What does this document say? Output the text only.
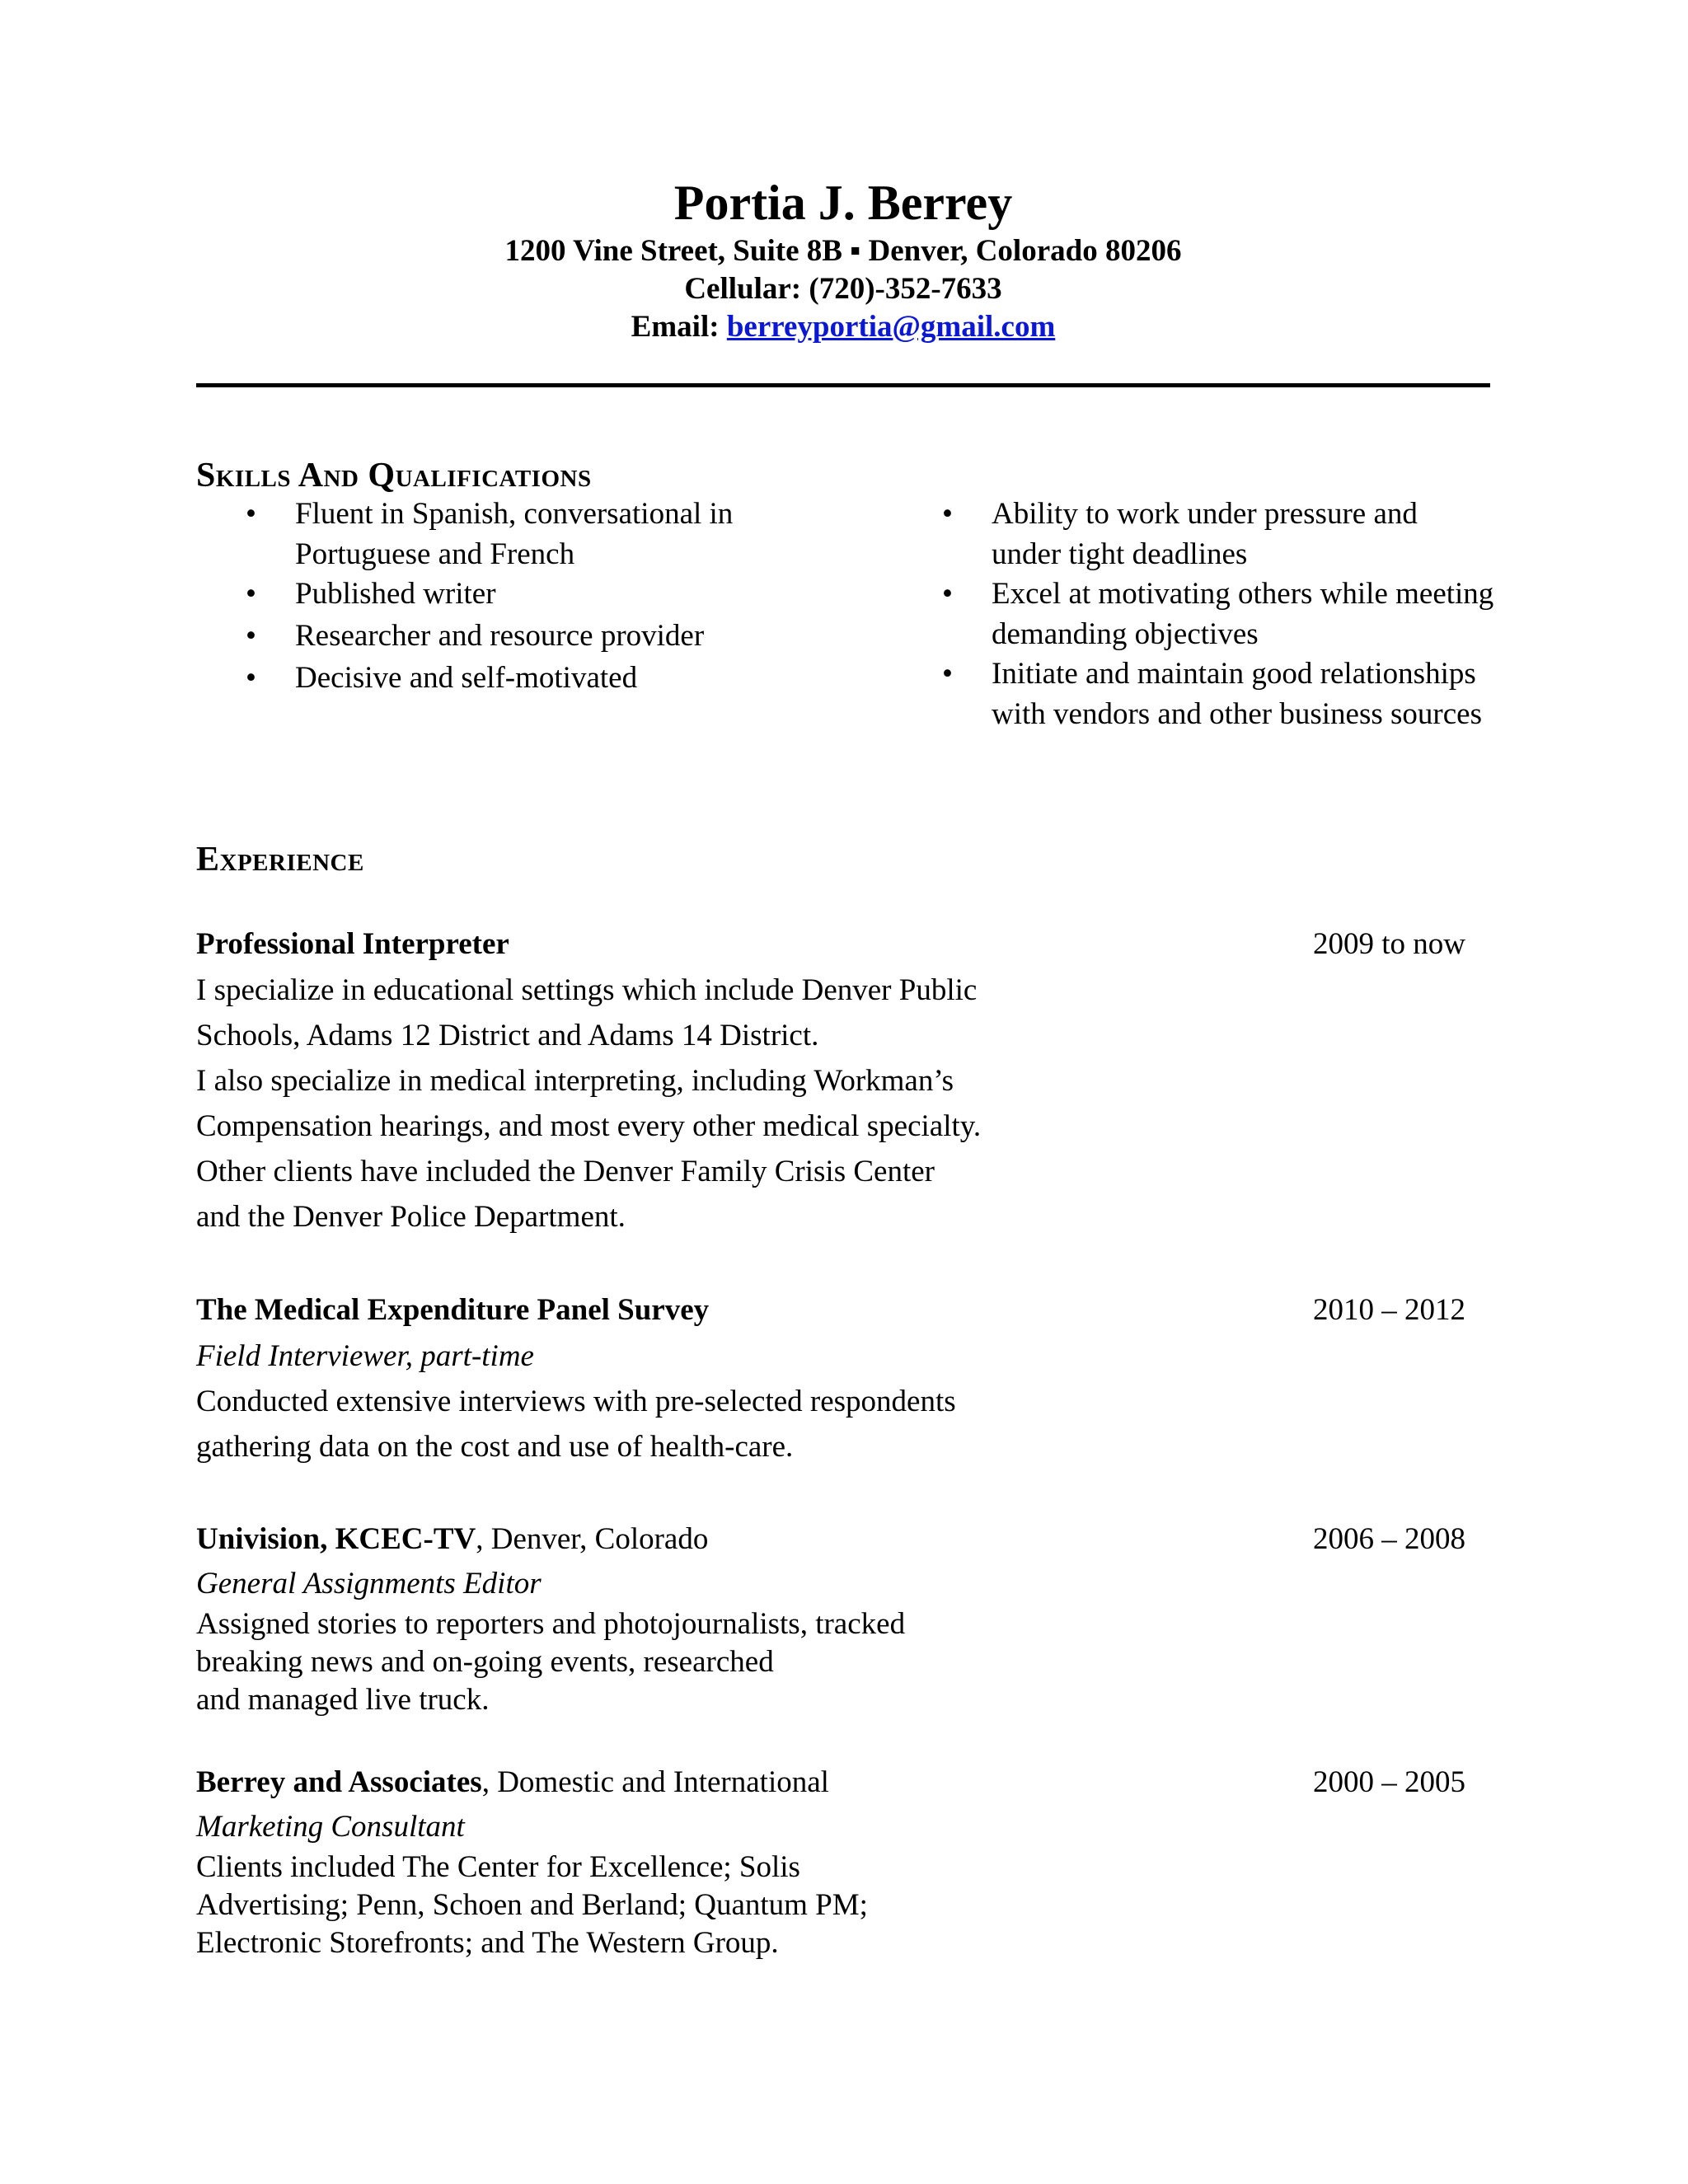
Portia J. Berrey

1200 Vine Street, Suite 8B ▪ Denver, Colorado 80206

Cellular: (720)-352-7633

Email: berreyportia@gmail.com

Skills And Qualifications
• Fluent in Spanish, conversational in Portuguese and French
• Published writer
• Researcher and resource provider
• Decisive and self-motivated
• Ability to work under pressure and under tight deadlines
• Excel at motivating others while meeting demanding objectives
• Initiate and maintain good relationships with vendors and other business sources
Experience
Professional Interpreter	2009 to now

I specialize in educational settings which include Denver Public

Schools, Adams 12 District and Adams 14 District.

I also specialize in medical interpreting, including Workman’s

Compensation hearings, and most every other medical specialty.

Other clients have included the Denver Family Crisis Center

and the Denver Police Department.

The Medical Expenditure Panel Survey	2010 – 2012

Field Interviewer, part-time

Conducted extensive interviews with pre-selected respondents

gathering data on the cost and use of health-care.

Univision, KCEC-TV, Denver, Colorado	2006 – 2008

General Assignments Editor

Assigned stories to reporters and photojournalists, tracked

breaking news and on-going events, researched

and managed live truck.

Berrey and Associates, Domestic and International	2000 – 2005

Marketing Consultant

Clients included The Center for Excellence; Solis

Advertising; Penn, Schoen and Berland; Quantum PM;

Electronic Storefronts; and The Western Group.
